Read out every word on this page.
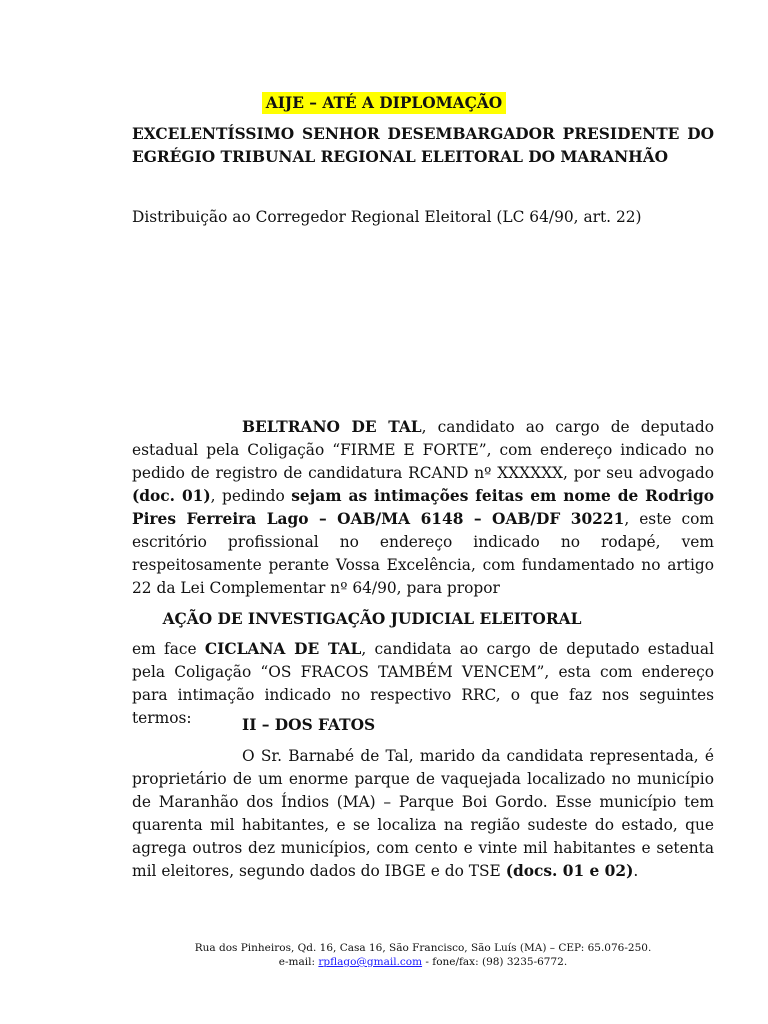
AIJE – ATÉ A DIPLOMAÇÃO
EXCELENTÍSSIMO SENHOR DESEMBARGADOR PRESIDENTE DO EGRÉGIO TRIBUNAL REGIONAL ELEITORAL DO MARANHÃO
Distribuição ao Corregedor Regional Eleitoral (LC 64/90, art. 22)
BELTRANO DE TAL, candidato ao cargo de deputado estadual pela Coligação “FIRME E FORTE”, com endereço indicado no pedido de registro de candidatura RCAND nº XXXXXX, por seu advogado (doc. 01), pedindo sejam as intimações feitas em nome de Rodrigo Pires Ferreira Lago – OAB/MA 6148 – OAB/DF 30221, este com escritório profissional no endereço indicado no rodapé, vem respeitosamente perante Vossa Excelência, com fundamentado no artigo 22 da Lei Complementar nº 64/90, para propor
AÇÃO DE INVESTIGAÇÃO JUDICIAL ELEITORAL
em face CICLANA DE TAL, candidata ao cargo de deputado estadual pela Coligação “OS FRACOS TAMBÉM VENCEM”, esta com endereço para intimação indicado no respectivo RRC, o que faz nos seguintes termos:	II – DOS FATOS
O Sr. Barnabé de Tal, marido da candidata representada, é proprietário de um enorme parque de vaquejada localizado no município de Maranhão dos Índios (MA) – Parque Boi Gordo. Esse município tem quarenta mil habitantes, e se localiza na região sudeste do estado, que agrega outros dez municípios, com cento e vinte mil habitantes e setenta mil eleitores, segundo dados do IBGE e do TSE (docs. 01 e 02).
Rua dos Pinheiros, Qd. 16, Casa 16, São Francisco, São Luís (MA) – CEP: 65.076-250.
e-mail: rpflago@gmail.com - fone/fax: (98) 3235-6772.
